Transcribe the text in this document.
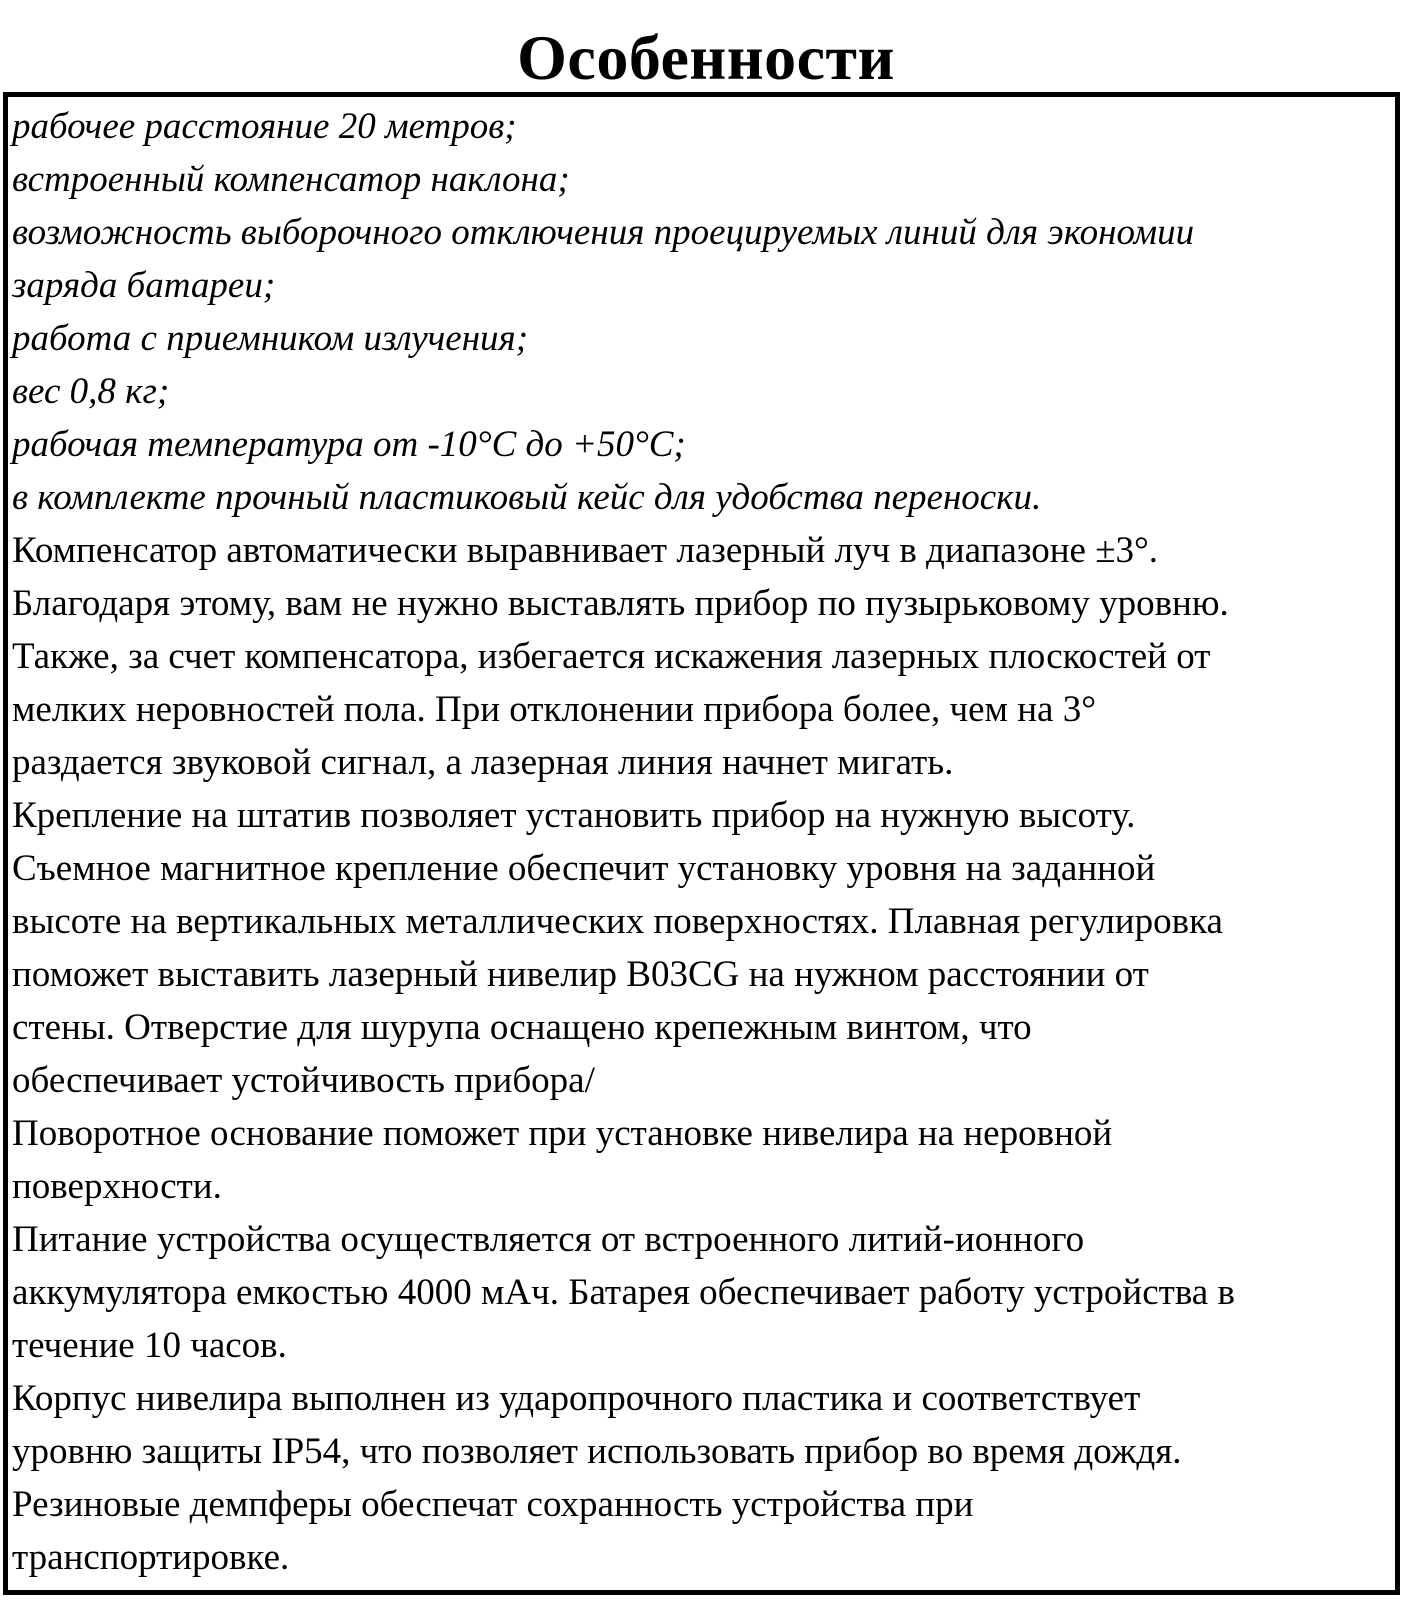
Особенности
рабочее расстояние 20 метров;
встроенный компенсатор наклона;
возможность выборочного отключения проецируемых линий для экономии
заряда батареи;
работа с приемником излучения;
вес 0,8 кг;
рабочая температура от -10°С до +50°С;
в комплекте прочный пластиковый кейс для удобства переноски.
Компенсатор автоматически выравнивает лазерный луч в диапазоне ±3°.
Благодаря этому, вам не нужно выставлять прибор по пузырьковому уровню.
Также, за счет компенсатора, избегается искажения лазерных плоскостей от
мелких неровностей пола. При отклонении прибора более, чем на 3°
раздается звуковой сигнал, а лазерная линия начнет мигать.
Крепление на штатив позволяет установить прибор на нужную высоту.
Съемное магнитное крепление обеспечит установку уровня на заданной
высоте на вертикальных металлических поверхностях. Плавная регулировка
поможет выставить лазерный нивелир B03CG на нужном расстоянии от
стены. Отверстие для шурупа оснащено крепежным винтом, что
обеспечивает устойчивость прибора/
Поворотное основание поможет при установке нивелира на неровной
поверхности.
Питание устройства осуществляется от встроенного литий-ионного
аккумулятора емкостью 4000 мАч. Батарея обеспечивает работу устройства в
течение 10 часов.
Корпус нивелира выполнен из ударопрочного пластика и соответствует
уровню защиты IP54, что позволяет использовать прибор во время дождя.
Резиновые демпферы обеспечат сохранность устройства при
транспортировке.
